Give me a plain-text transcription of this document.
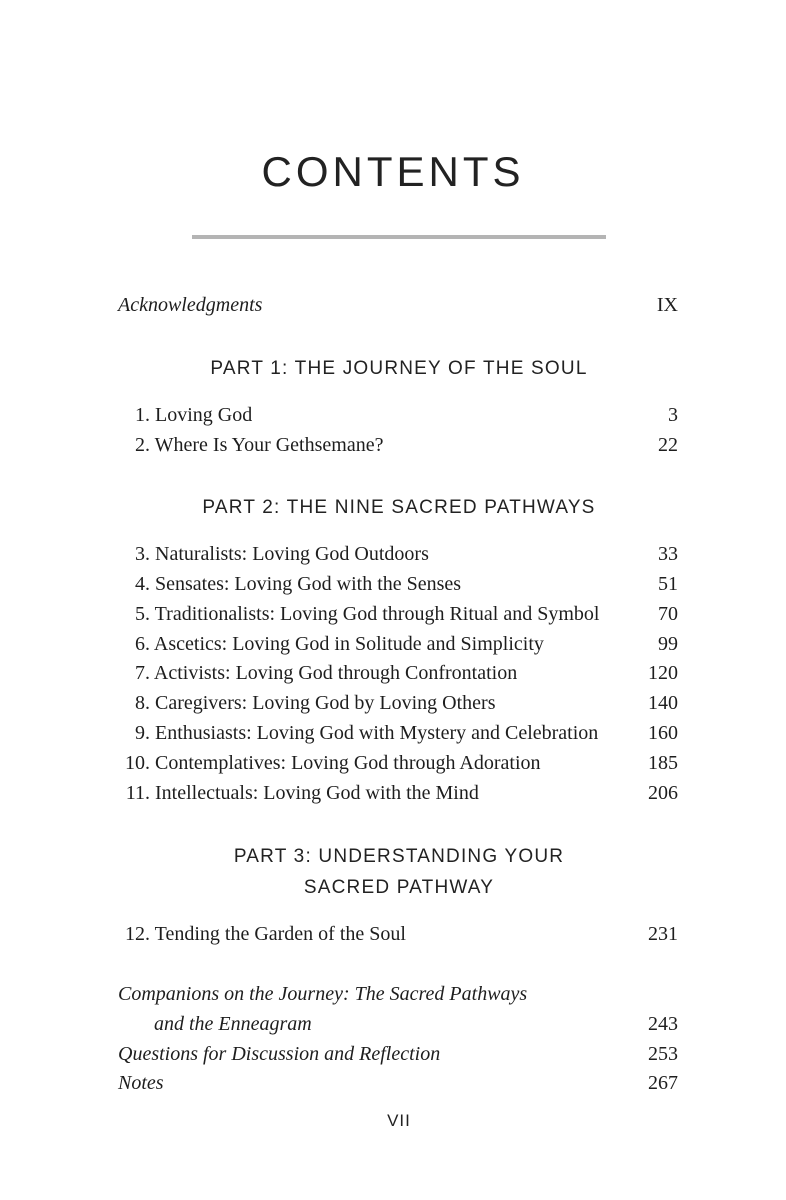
CONTENTS
Acknowledgments	IX
PART 1: THE JOURNEY OF THE SOUL
1. Loving God	3
2. Where Is Your Gethsemane?	22
PART 2: THE NINE SACRED PATHWAYS
3. Naturalists: Loving God Outdoors	33
4. Sensates: Loving God with the Senses	51
5. Traditionalists: Loving God through Ritual and Symbol	70
6. Ascetics: Loving God in Solitude and Simplicity	99
7. Activists: Loving God through Confrontation	120
8. Caregivers: Loving God by Loving Others	140
9. Enthusiasts: Loving God with Mystery and Celebration 160
10. Contemplatives: Loving God through Adoration	185
11. Intellectuals: Loving God with the Mind	206
PART 3: UNDERSTANDING YOUR
SACRED PATHWAY
12. Tending the Garden of the Soul	231
Companions on the Journey: The Sacred Pathways
and the Enneagram	243
Questions for Discussion and Reflection	253
Notes	267
VII
